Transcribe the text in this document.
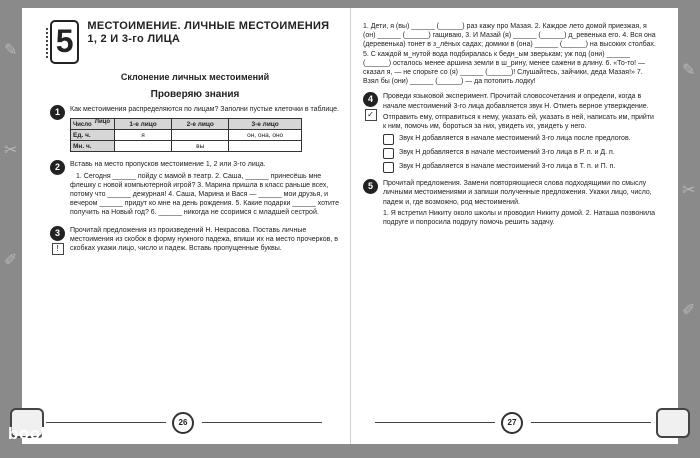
✎
✂
✐
✎
✂
✐
5	МЕСТОИМЕНИЕ. ЛИЧНЫЕ МЕСТОИМЕНИЯ 1, 2 И 3-го ЛИЦА
Склонение личных местоимений
Проверяю знания
1	Как местоимения распределяются по лицам? Заполни пустые клеточки в таблице.
Лицо
Число	1-е лицо	2-е лицо	3-е лицо
Ед. ч.	я		он, она, оно
Мн. ч.		вы	
2	Вставь на место пропусков местоимение 1, 2 или 3-го лица.
1. Сегодня ______ пойду с мамой в театр. 2. Саша, ______ принесёшь мне флешку с новой компьютерной игрой? 3. Марина пришла в класс раньше всех, потому что ______ дежурная! 4. Саша, Марина и Вася — ______ мои друзья, и вечером ______ придут ко мне на день рождения. 5. Какие подарки ______ хотите получить на Новый год? 6. ______ никогда не ссоримся с младшей сестрой.
3
!
Прочитай предложения из произведений Н. Некрасова. Поставь личные местоимения из скобок в форму нужного падежа, впиши их на место прочерков, в скобках укажи лицо, число и падеж. Вставь пропущенные буквы.
26
1. Дети, я (вы) ______ (______) раз кажу про Мазая. 2. Каждое лето домой приезжая, я (он) ______ (______) гащиваю, 3. И Мазай (я) ______ (______) д_ревенька его. 4. Вся она (деревенька) тонет в з_лёных садах; домики в (она) ______ (______) на высоких столбах. 5. С каждой м_нутой вода подбиралась к бедн_ым зверькам; уж под (они) ______ (______) осталось менее аршина земли в ш_рину, менее сажени в длину. 6. «То-то! — сказал я, — не спорьте со (я) ______ (______)! Слушайтесь, зайчики, деда Мазая!» 7. Взял бы (они) ______ (______) — да потопить лодку!
4
✓
Проведи языковой эксперимент. Прочитай словосочетания и определи, когда в начале местоимений 3-го лица добавляется звук Н. Отметь верное утверждение.
Отправить ему, отправиться к нему, указать ей, указать в ней, написать им, прийти к ним, помочь им, бороться за них, увидеть их, увидеть у него.
Звук Н добавляется в начале местоимений 3-го лица после предлогов.
Звук Н добавляется в начале местоимений 3-го лица в Р. п. и Д. п.
Звук Н добавляется в начале местоимений 3-го лица в Т. п. и П. п.
5	Прочитай предложения. Замени повторяющиеся слова подходящими по смыслу личными местоимениями и запиши полученные предложения. Укажи лицо, число, падеж и, где возможно, род местоимений.
1. Я встретил Никиту около школы и проводил Никиту домой. 2. Наташа позвонила подруге и попросила подругу помочь решить задачу.
27
bookclub.by
